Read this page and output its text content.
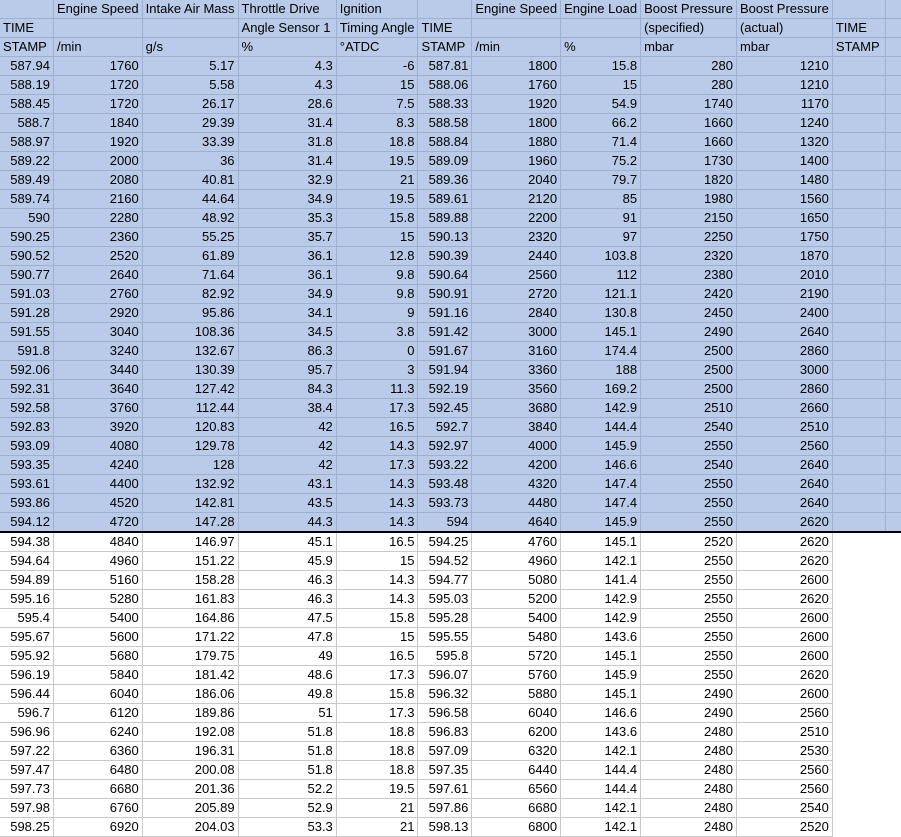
	Engine Speed	Intake Air Mass	Throttle Drive	Ignition		Engine Speed	Engine Load	Boost Pressure	Boost Pressure		
TIME			Angle Sensor 1	Timing Angle	TIME			(specified)	(actual)	TIME	
STAMP	/min	g/s	%	°ATDC	STAMP	/min	%	mbar	mbar	STAMP	
587.94	1760	5.17	4.3	-6	587.81	1800	15.8	280	1210		
588.19	1720	5.58	4.3	15	588.06	1760	15	280	1210		
588.45	1720	26.17	28.6	7.5	588.33	1920	54.9	1740	1170		
588.7	1840	29.39	31.4	8.3	588.58	1800	66.2	1660	1240		
588.97	1920	33.39	31.8	18.8	588.84	1880	71.4	1660	1320		
589.22	2000	36	31.4	19.5	589.09	1960	75.2	1730	1400		
589.49	2080	40.81	32.9	21	589.36	2040	79.7	1820	1480		
589.74	2160	44.64	34.9	19.5	589.61	2120	85	1980	1560		
590	2280	48.92	35.3	15.8	589.88	2200	91	2150	1650		
590.25	2360	55.25	35.7	15	590.13	2320	97	2250	1750		
590.52	2520	61.89	36.1	12.8	590.39	2440	103.8	2320	1870		
590.77	2640	71.64	36.1	9.8	590.64	2560	112	2380	2010		
591.03	2760	82.92	34.9	9.8	590.91	2720	121.1	2420	2190		
591.28	2920	95.86	34.1	9	591.16	2840	130.8	2450	2400		
591.55	3040	108.36	34.5	3.8	591.42	3000	145.1	2490	2640		
591.8	3240	132.67	86.3	0	591.67	3160	174.4	2500	2860		
592.06	3440	130.39	95.7	3	591.94	3360	188	2500	3000		
592.31	3640	127.42	84.3	11.3	592.19	3560	169.2	2500	2860		
592.58	3760	112.44	38.4	17.3	592.45	3680	142.9	2510	2660		
592.83	3920	120.83	42	16.5	592.7	3840	144.4	2540	2510		
593.09	4080	129.78	42	14.3	592.97	4000	145.9	2550	2560		
593.35	4240	128	42	17.3	593.22	4200	146.6	2540	2640		
593.61	4400	132.92	43.1	14.3	593.48	4320	147.4	2550	2640		
593.86	4520	142.81	43.5	14.3	593.73	4480	147.4	2550	2640		
594.12	4720	147.28	44.3	14.3	594	4640	145.9	2550	2620		
594.38	4840	146.97	45.1	16.5	594.25	4760	145.1	2520	2620		
594.64	4960	151.22	45.9	15	594.52	4960	142.1	2550	2620		
594.89	5160	158.28	46.3	14.3	594.77	5080	141.4	2550	2600		
595.16	5280	161.83	46.3	14.3	595.03	5200	142.9	2550	2620		
595.4	5400	164.86	47.5	15.8	595.28	5400	142.9	2550	2600		
595.67	5600	171.22	47.8	15	595.55	5480	143.6	2550	2600		
595.92	5680	179.75	49	16.5	595.8	5720	145.1	2550	2600		
596.19	5840	181.42	48.6	17.3	596.07	5760	145.9	2550	2620		
596.44	6040	186.06	49.8	15.8	596.32	5880	145.1	2490	2600		
596.7	6120	189.86	51	17.3	596.58	6040	146.6	2490	2560		
596.96	6240	192.08	51.8	18.8	596.83	6200	143.6	2480	2510		
597.22	6360	196.31	51.8	18.8	597.09	6320	142.1	2480	2530		
597.47	6480	200.08	51.8	18.8	597.35	6440	144.4	2480	2560		
597.73	6680	201.36	52.2	19.5	597.61	6560	144.4	2480	2560		
597.98	6760	205.89	52.9	21	597.86	6680	142.1	2480	2540		
598.25	6920	204.03	53.3	21	598.13	6800	142.1	2480	2520		
